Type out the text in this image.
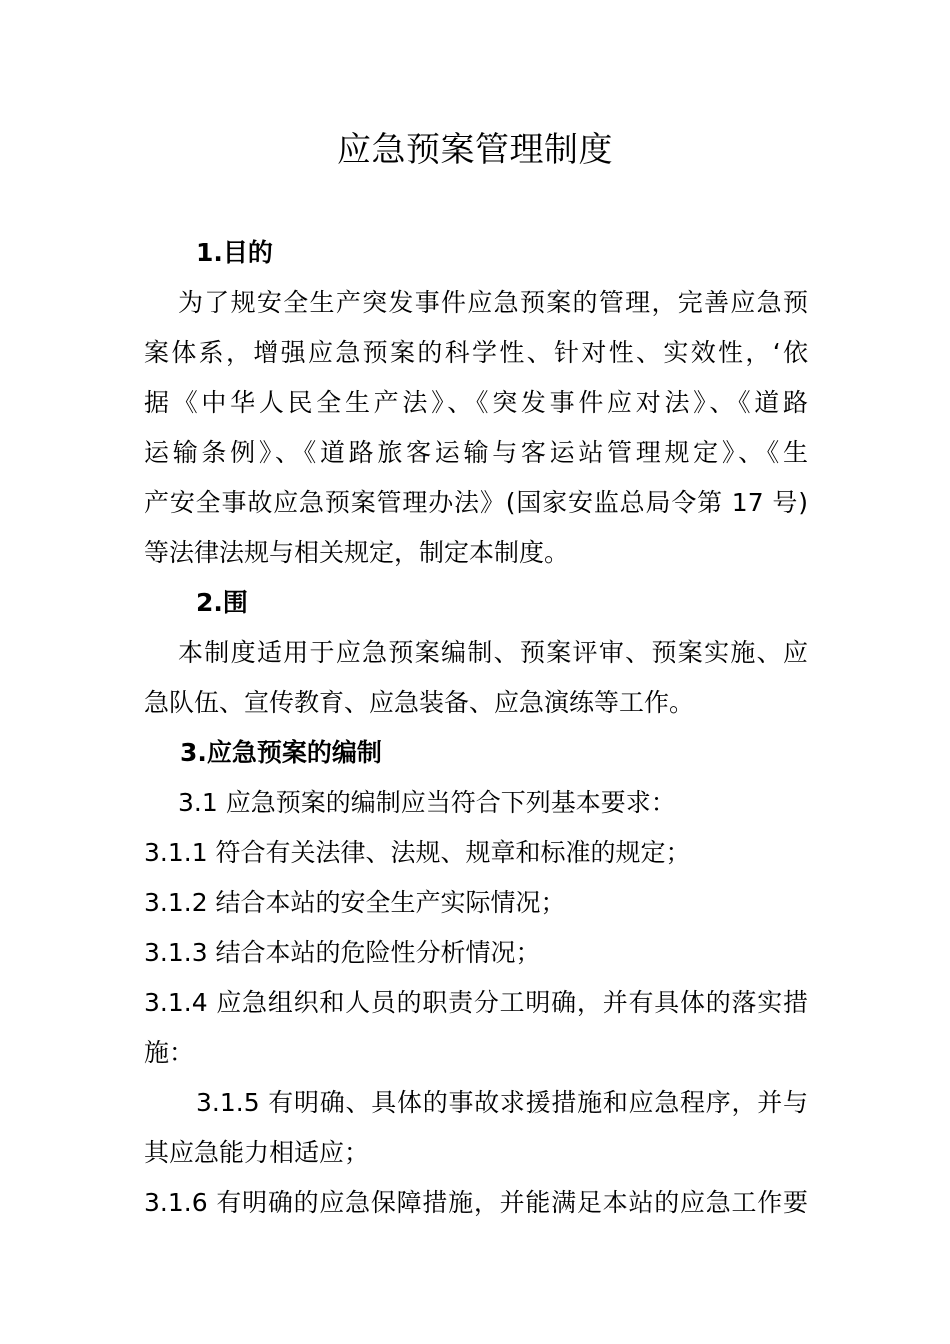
应急预案管理制度
1.目的
为了规安全生产突发事件应急预案的管理，完善应急预
案体系，增强应急预案的科学性、针对性、实效性，‘依
据《中华人民全生产法》、《突发事件应对法》、《道路
运输条例》、《道路旅客运输与客运站管理规定》、《生
产安全事故应急预案管理办法》(国家安监总局令第 17 号)
等法律法规与相关规定，制定本制度。
2.围
本制度适用于应急预案编制、预案评审、预案实施、应
急队伍、宣传教育、应急装备、应急演练等工作。
3.应急预案的编制
3.1 应急预案的编制应当符合下列基本要求：
3.1.1 符合有关法律、法规、规章和标准的规定；
3.1.2 结合本站的安全生产实际情况；
3.1.3 结合本站的危险性分析情况；
3.1.4 应急组织和人员的职责分工明确，并有具体的落实措
施：
3.1.5 有明确、具体的事故求援措施和应急程序，并与
其应急能力相适应；
3.1.6 有明确的应急保障措施，并能满足本站的应急工作要
